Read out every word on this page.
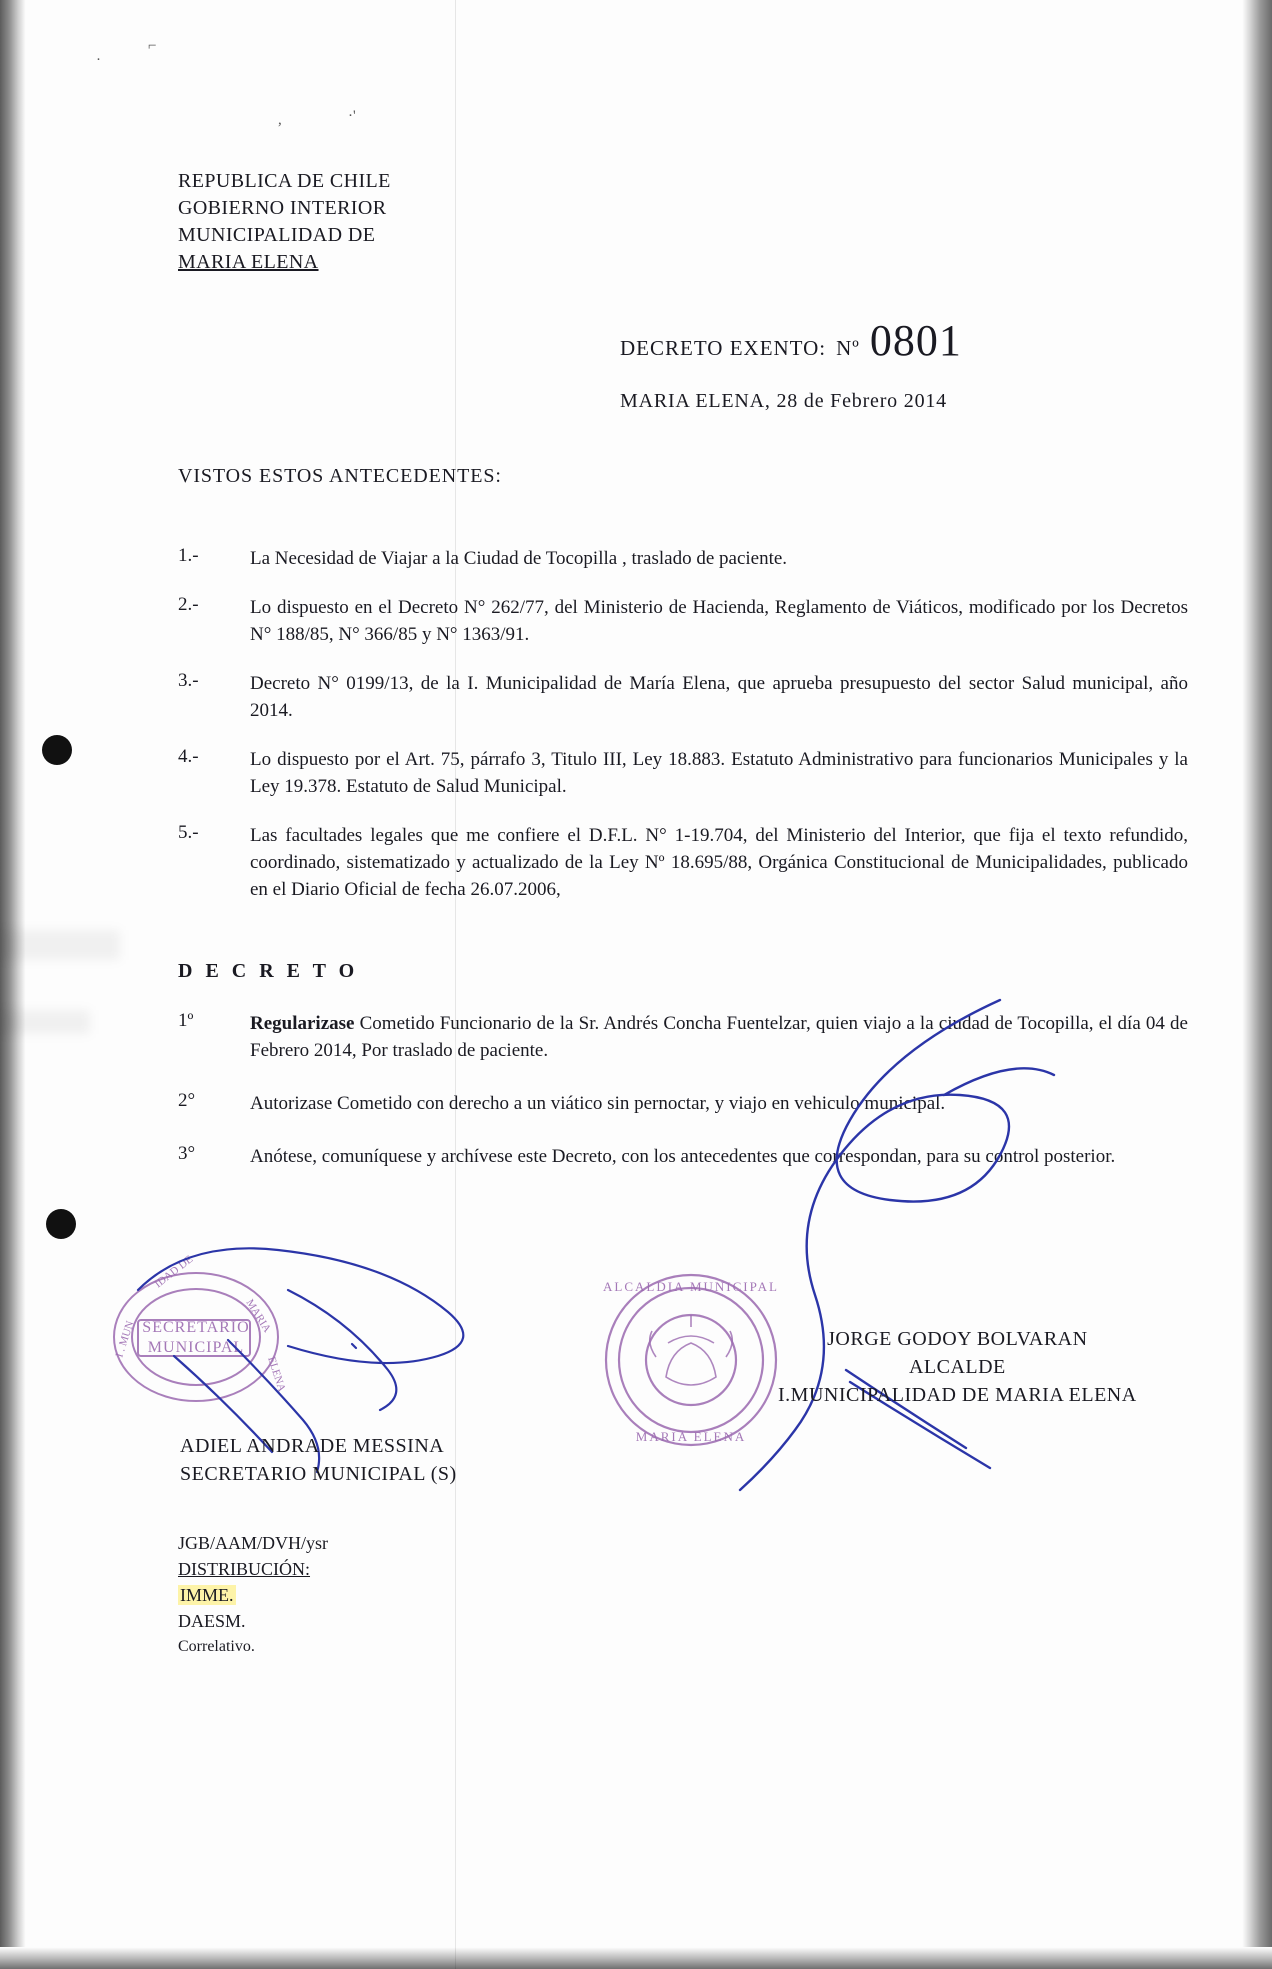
·
⌐
,	·'
REPUBLICA DE CHILE
GOBIERNO INTERIOR
MUNICIPALIDAD DE
MARIA ELENA
DECRETO EXENTO: Nº 0801
MARIA ELENA, 28 de Febrero 2014
VISTOS ESTOS ANTECEDENTES:
1.-	La Necesidad de Viajar a la Ciudad de Tocopilla , traslado de paciente.
2.-	Lo dispuesto en el Decreto N° 262/77, del Ministerio de Hacienda, Reglamento de Viáticos, modificado por los Decretos N° 188/85, N° 366/85 y N° 1363/91.
3.-	Decreto N° 0199/13, de la I. Municipalidad de María Elena, que aprueba presupuesto del sector Salud municipal, año 2014.
4.-	Lo dispuesto por el Art. 75, párrafo 3, Titulo III, Ley 18.883. Estatuto Administrativo para funcionarios Municipales y la Ley 19.378. Estatuto de Salud Municipal.
5.-	Las facultades legales que me confiere el D.F.L. N° 1-19.704, del Ministerio del Interior, que fija el texto refundido, coordinado, sistematizado y actualizado de la Ley Nº 18.695/88, Orgánica Constitucional de Municipalidades, publicado en el Diario Oficial de fecha 26.07.2006,
D E C R E T O
1º	Regularizase Cometido Funcionario de la Sr. Andrés Concha Fuentelzar, quien viajo a la ciudad de Tocopilla, el día 04 de Febrero 2014, Por traslado de paciente.
2°	Autorizase Cometido con derecho a un viático sin pernoctar, y viajo en vehiculo municipal.
3°	Anótese, comuníquese y archívese este Decreto, con los antecedentes que correspondan, para su control posterior.
SECRETARIO
MUNICIPAL
IDAD DE
MARIA
I . MUN
ELENA
ALCALDIA MUNICIPAL
MARIA ELENA
ADIEL ANDRADE MESSINA
SECRETARIO MUNICIPAL (S)
JORGE GODOY BOLVARAN
ALCALDE
I.MUNICIPALIDAD DE MARIA ELENA
JGB/AAM/DVH/ysr
DISTRIBUCIÓN:
IMME.
DAESM.
Correlativo.
